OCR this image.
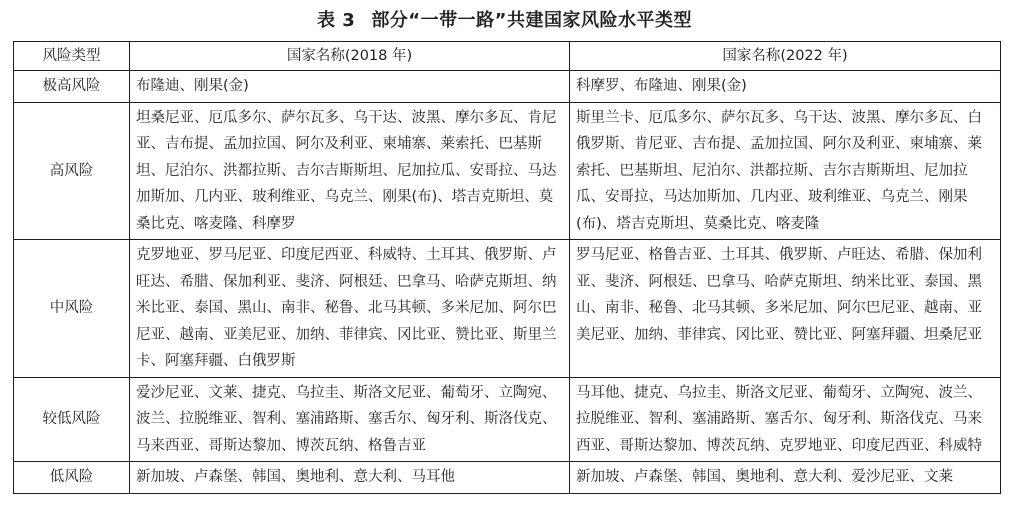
表 3 部分“一带一路”共建国家风险水平类型
风险类型	国家名称(2018 年)	国家名称(2022 年)
极高风险	布隆迪、刚果(金)	科摩罗、布隆迪、刚果(金)
高风险	坦桑尼亚、厄瓜多尔、萨尔瓦多、乌干达、波黑、摩尔多瓦、肯尼亚、吉布提、孟加拉国、阿尔及利亚、柬埔寨、莱索托、巴基斯坦、尼泊尔、洪都拉斯、吉尔吉斯斯坦、尼加拉瓜、安哥拉、马达加斯加、几内亚、玻利维亚、乌克兰、刚果(布)、塔吉克斯坦、莫桑比克、喀麦隆、科摩罗	斯里兰卡、厄瓜多尔、萨尔瓦多、乌干达、波黑、摩尔多瓦、白俄罗斯、肯尼亚、吉布提、孟加拉国、阿尔及利亚、柬埔寨、莱索托、巴基斯坦、尼泊尔、洪都拉斯、吉尔吉斯斯坦、尼加拉瓜、安哥拉、马达加斯加、几内亚、玻利维亚、乌克兰、刚果(布)、塔吉克斯坦、莫桑比克、喀麦隆
中风险	克罗地亚、罗马尼亚、印度尼西亚、科威特、土耳其、俄罗斯、卢旺达、希腊、保加利亚、斐济、阿根廷、巴拿马、哈萨克斯坦、纳米比亚、泰国、黑山、南非、秘鲁、北马其顿、多米尼加、阿尔巴尼亚、越南、亚美尼亚、加纳、菲律宾、冈比亚、赞比亚、斯里兰卡、阿塞拜疆、白俄罗斯	罗马尼亚、格鲁吉亚、土耳其、俄罗斯、卢旺达、希腊、保加利亚、斐济、阿根廷、巴拿马、哈萨克斯坦、纳米比亚、泰国、黑山、南非、秘鲁、北马其顿、多米尼加、阿尔巴尼亚、越南、亚美尼亚、加纳、菲律宾、冈比亚、赞比亚、阿塞拜疆、坦桑尼亚
较低风险	爱沙尼亚、文莱、捷克、乌拉圭、斯洛文尼亚、葡萄牙、立陶宛、波兰、拉脱维亚、智利、塞浦路斯、塞舌尔、匈牙利、斯洛伐克、马来西亚、哥斯达黎加、博茨瓦纳、格鲁吉亚	马耳他、捷克、乌拉圭、斯洛文尼亚、葡萄牙、立陶宛、波兰、拉脱维亚、智利、塞浦路斯、塞舌尔、匈牙利、斯洛伐克、马来西亚、哥斯达黎加、博茨瓦纳、克罗地亚、印度尼西亚、科威特
低风险	新加坡、卢森堡、韩国、奥地利、意大利、马耳他	新加坡、卢森堡、韩国、奥地利、意大利、爱沙尼亚、文莱
